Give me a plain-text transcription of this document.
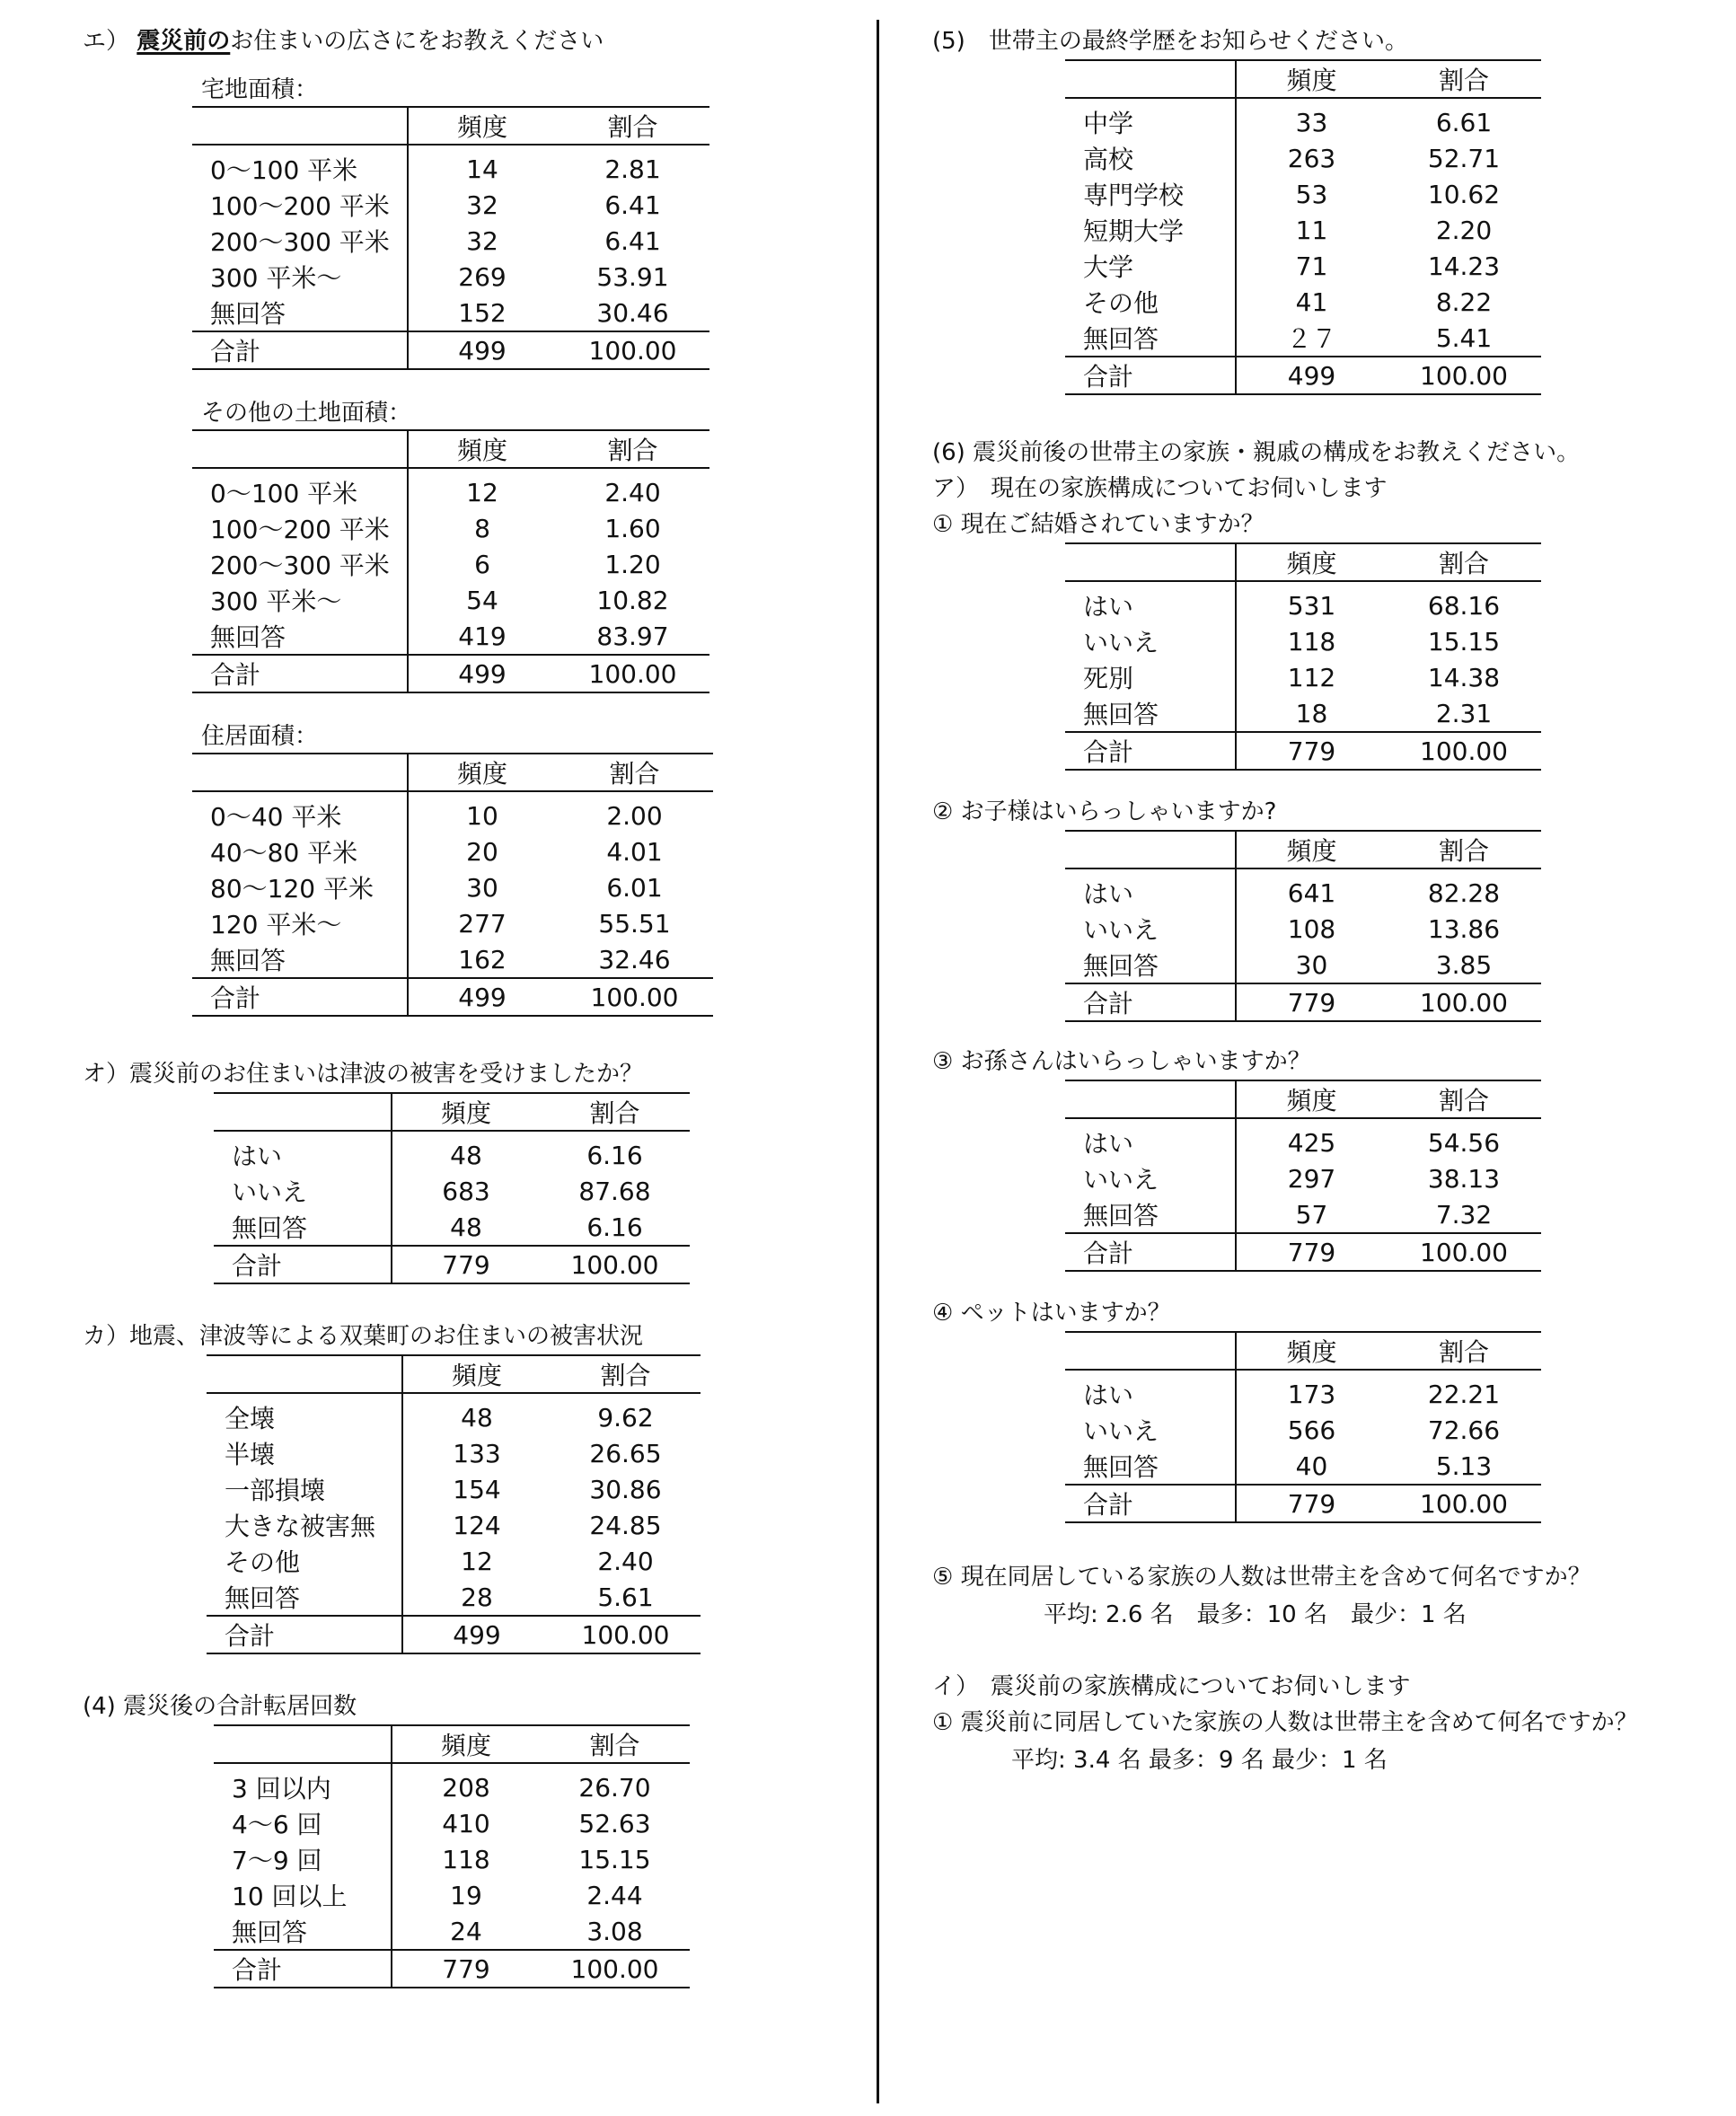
エ） 震災前のお住まいの広さにをお教えください
宅地面積：
	頻度	割合
0～100 平米	14	2.81
100～200 平米	32	6.41
200～300 平米	32	6.41
300 平米～	269	53.91
無回答	152	30.46
合計	499	100.00
その他の土地面積：
	頻度	割合
0～100 平米	12	2.40
100～200 平米	8	1.60
200～300 平米	6	1.20
300 平米～	54	10.82
無回答	419	83.97
合計	499	100.00
住居面積：
	頻度	割合
0～40 平米	10	2.00
40～80 平米	20	4.01
80～120 平米	30	6.01
120 平米～	277	55.51
無回答	162	32.46
合計	499	100.00
オ）震災前のお住まいは津波の被害を受けましたか？
	頻度	割合
はい	48	6.16
いいえ	683	87.68
無回答	48	6.16
合計	779	100.00
カ）地震、津波等による双葉町のお住まいの被害状況
	頻度	割合
全壊	48	9.62
半壊	133	26.65
一部損壊	154	30.86
大きな被害無	124	24.85
その他	12	2.40
無回答	28	5.61
合計	499	100.00
(4) 震災後の合計転居回数
	頻度	割合
3 回以内	208	26.70
4～6 回	410	52.63
7～9 回	118	15.15
10 回以上	19	2.44
無回答	24	3.08
合計	779	100.00
(5)　世帯主の最終学歴をお知らせください。
	頻度	割合
中学	33	6.61
高校	263	52.71
専門学校	53	10.62
短期大学	11	2.20
大学	71	14.23
その他	41	8.22
無回答	２７	5.41
合計	499	100.00
(6) 震災前後の世帯主の家族・親戚の構成をお教えください。
ア）　現在の家族構成についてお伺いします
① 現在ご結婚されていますか？
	頻度	割合
はい	531	68.16
いいえ	118	15.15
死別	112	14.38
無回答	18	2.31
合計	779	100.00
② お子様はいらっしゃいますか?
	頻度	割合
はい	641	82.28
いいえ	108	13.86
無回答	30	3.85
合計	779	100.00
③ お孫さんはいらっしゃいますか？
	頻度	割合
はい	425	54.56
いいえ	297	38.13
無回答	57	7.32
合計	779	100.00
④ ペットはいますか？
	頻度	割合
はい	173	22.21
いいえ	566	72.66
無回答	40	5.13
合計	779	100.00
⑤ 現在同居している家族の人数は世帯主を含めて何名ですか？
平均: 2.6 名　最多：10 名　最少：1 名
イ）　震災前の家族構成についてお伺いします
① 震災前に同居していた家族の人数は世帯主を含めて何名ですか？
平均: 3.4 名 最多：9 名 最少：1 名
